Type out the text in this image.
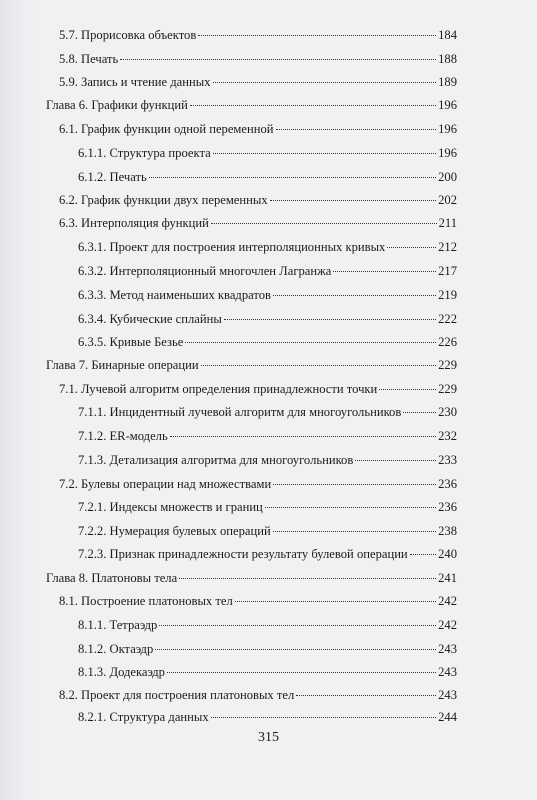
5.7. Прорисовка объектов	184
5.8. Печать	188
5.9. Запись и чтение данных	189
Глава 6. Графики функций	196
6.1. График функции одной переменной	196
6.1.1. Структура проекта	196
6.1.2. Печать	200
6.2. График функции двух переменных	202
6.3. Интерполяция функций	211
6.3.1. Проект для построения интерполяционных кривых	212
6.3.2. Интерполяционный многочлен Лагранжа	217
6.3.3. Метод наименьших квадратов	219
6.3.4. Кубические сплайны	222
6.3.5. Кривые Безье	226
Глава 7. Бинарные операции	229
7.1. Лучевой алгоритм определения принадлежности точки	229
7.1.1. Инцидентный лучевой алгоритм для многоугольников	230
7.1.2. ER-модель	232
7.1.3. Детализация алгоритма для многоугольников	233
7.2. Булевы операции над множествами	236
7.2.1. Индексы множеств и границ	236
7.2.2. Нумерация булевых операций	238
7.2.3. Признак принадлежности результату булевой операции 240
Глава 8. Платоновы тела	241
8.1. Построение платоновых тел	242
8.1.1. Тетраэдр	242
8.1.2. Октаэдр	243
8.1.3. Додекаэдр	243
8.2. Проект для построения платоновых тел	243
8.2.1. Структура данных	244
315
